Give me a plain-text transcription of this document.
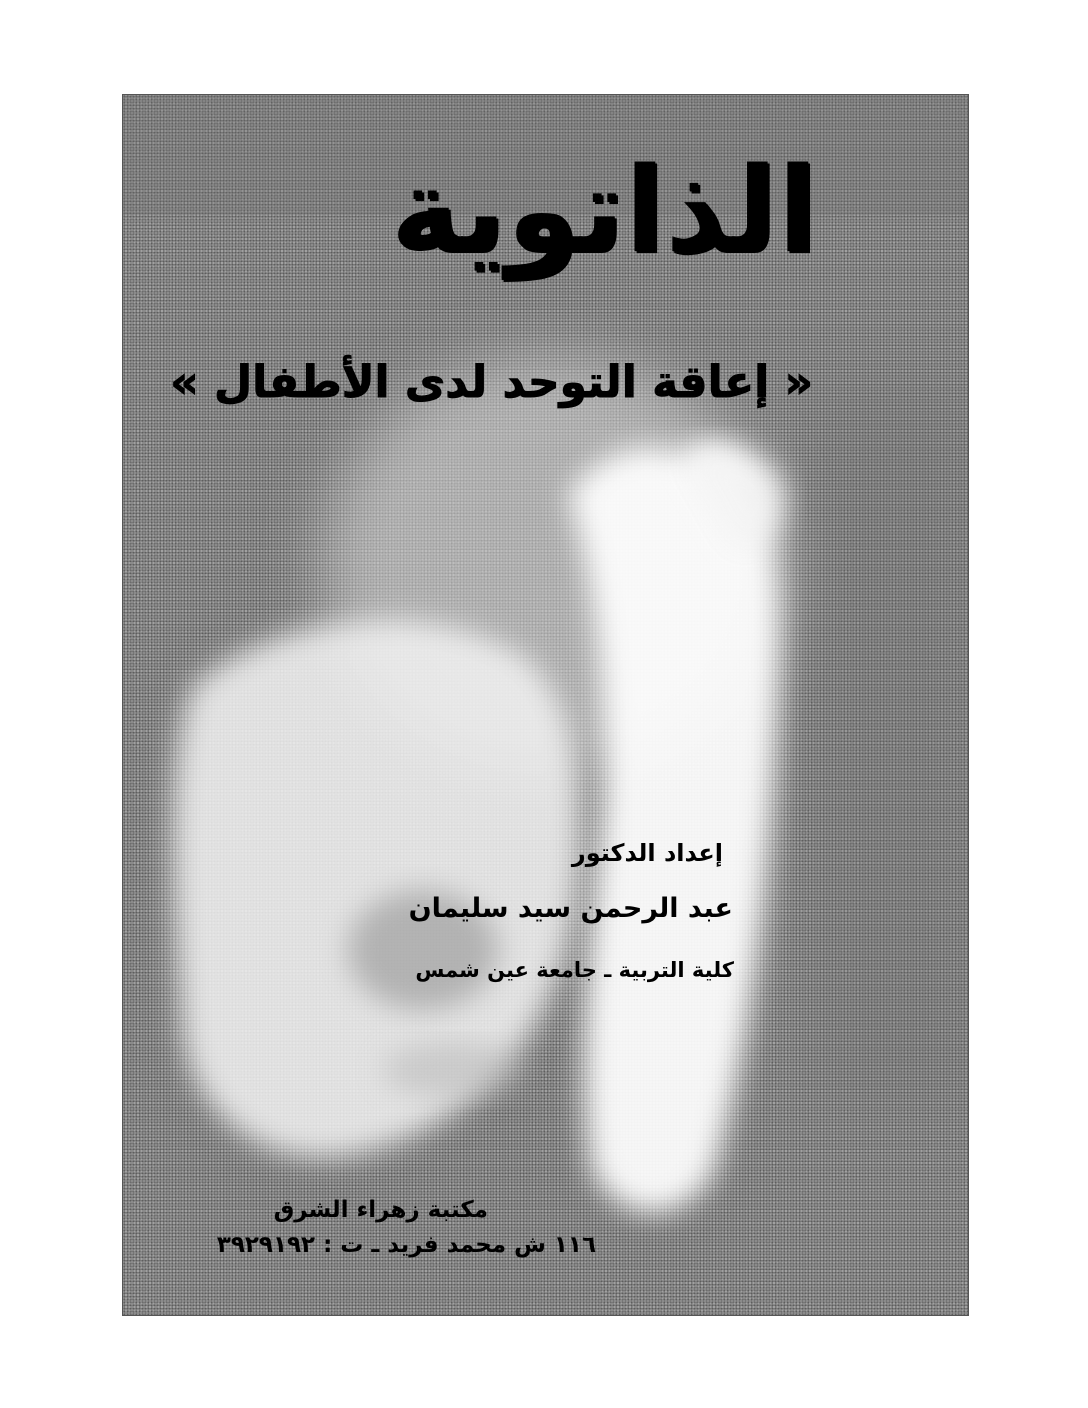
الذاتوية
« إعاقة التوحد لدى الأطفال »
إعداد الدكتور
عبد الرحمن سيد سليمان
كلية التربية ـ جامعة عين شمس
مكتبة زهراء الشرق
١١٦ ش محمد فريد ـ ت : ٣٩٢٩١٩٢
